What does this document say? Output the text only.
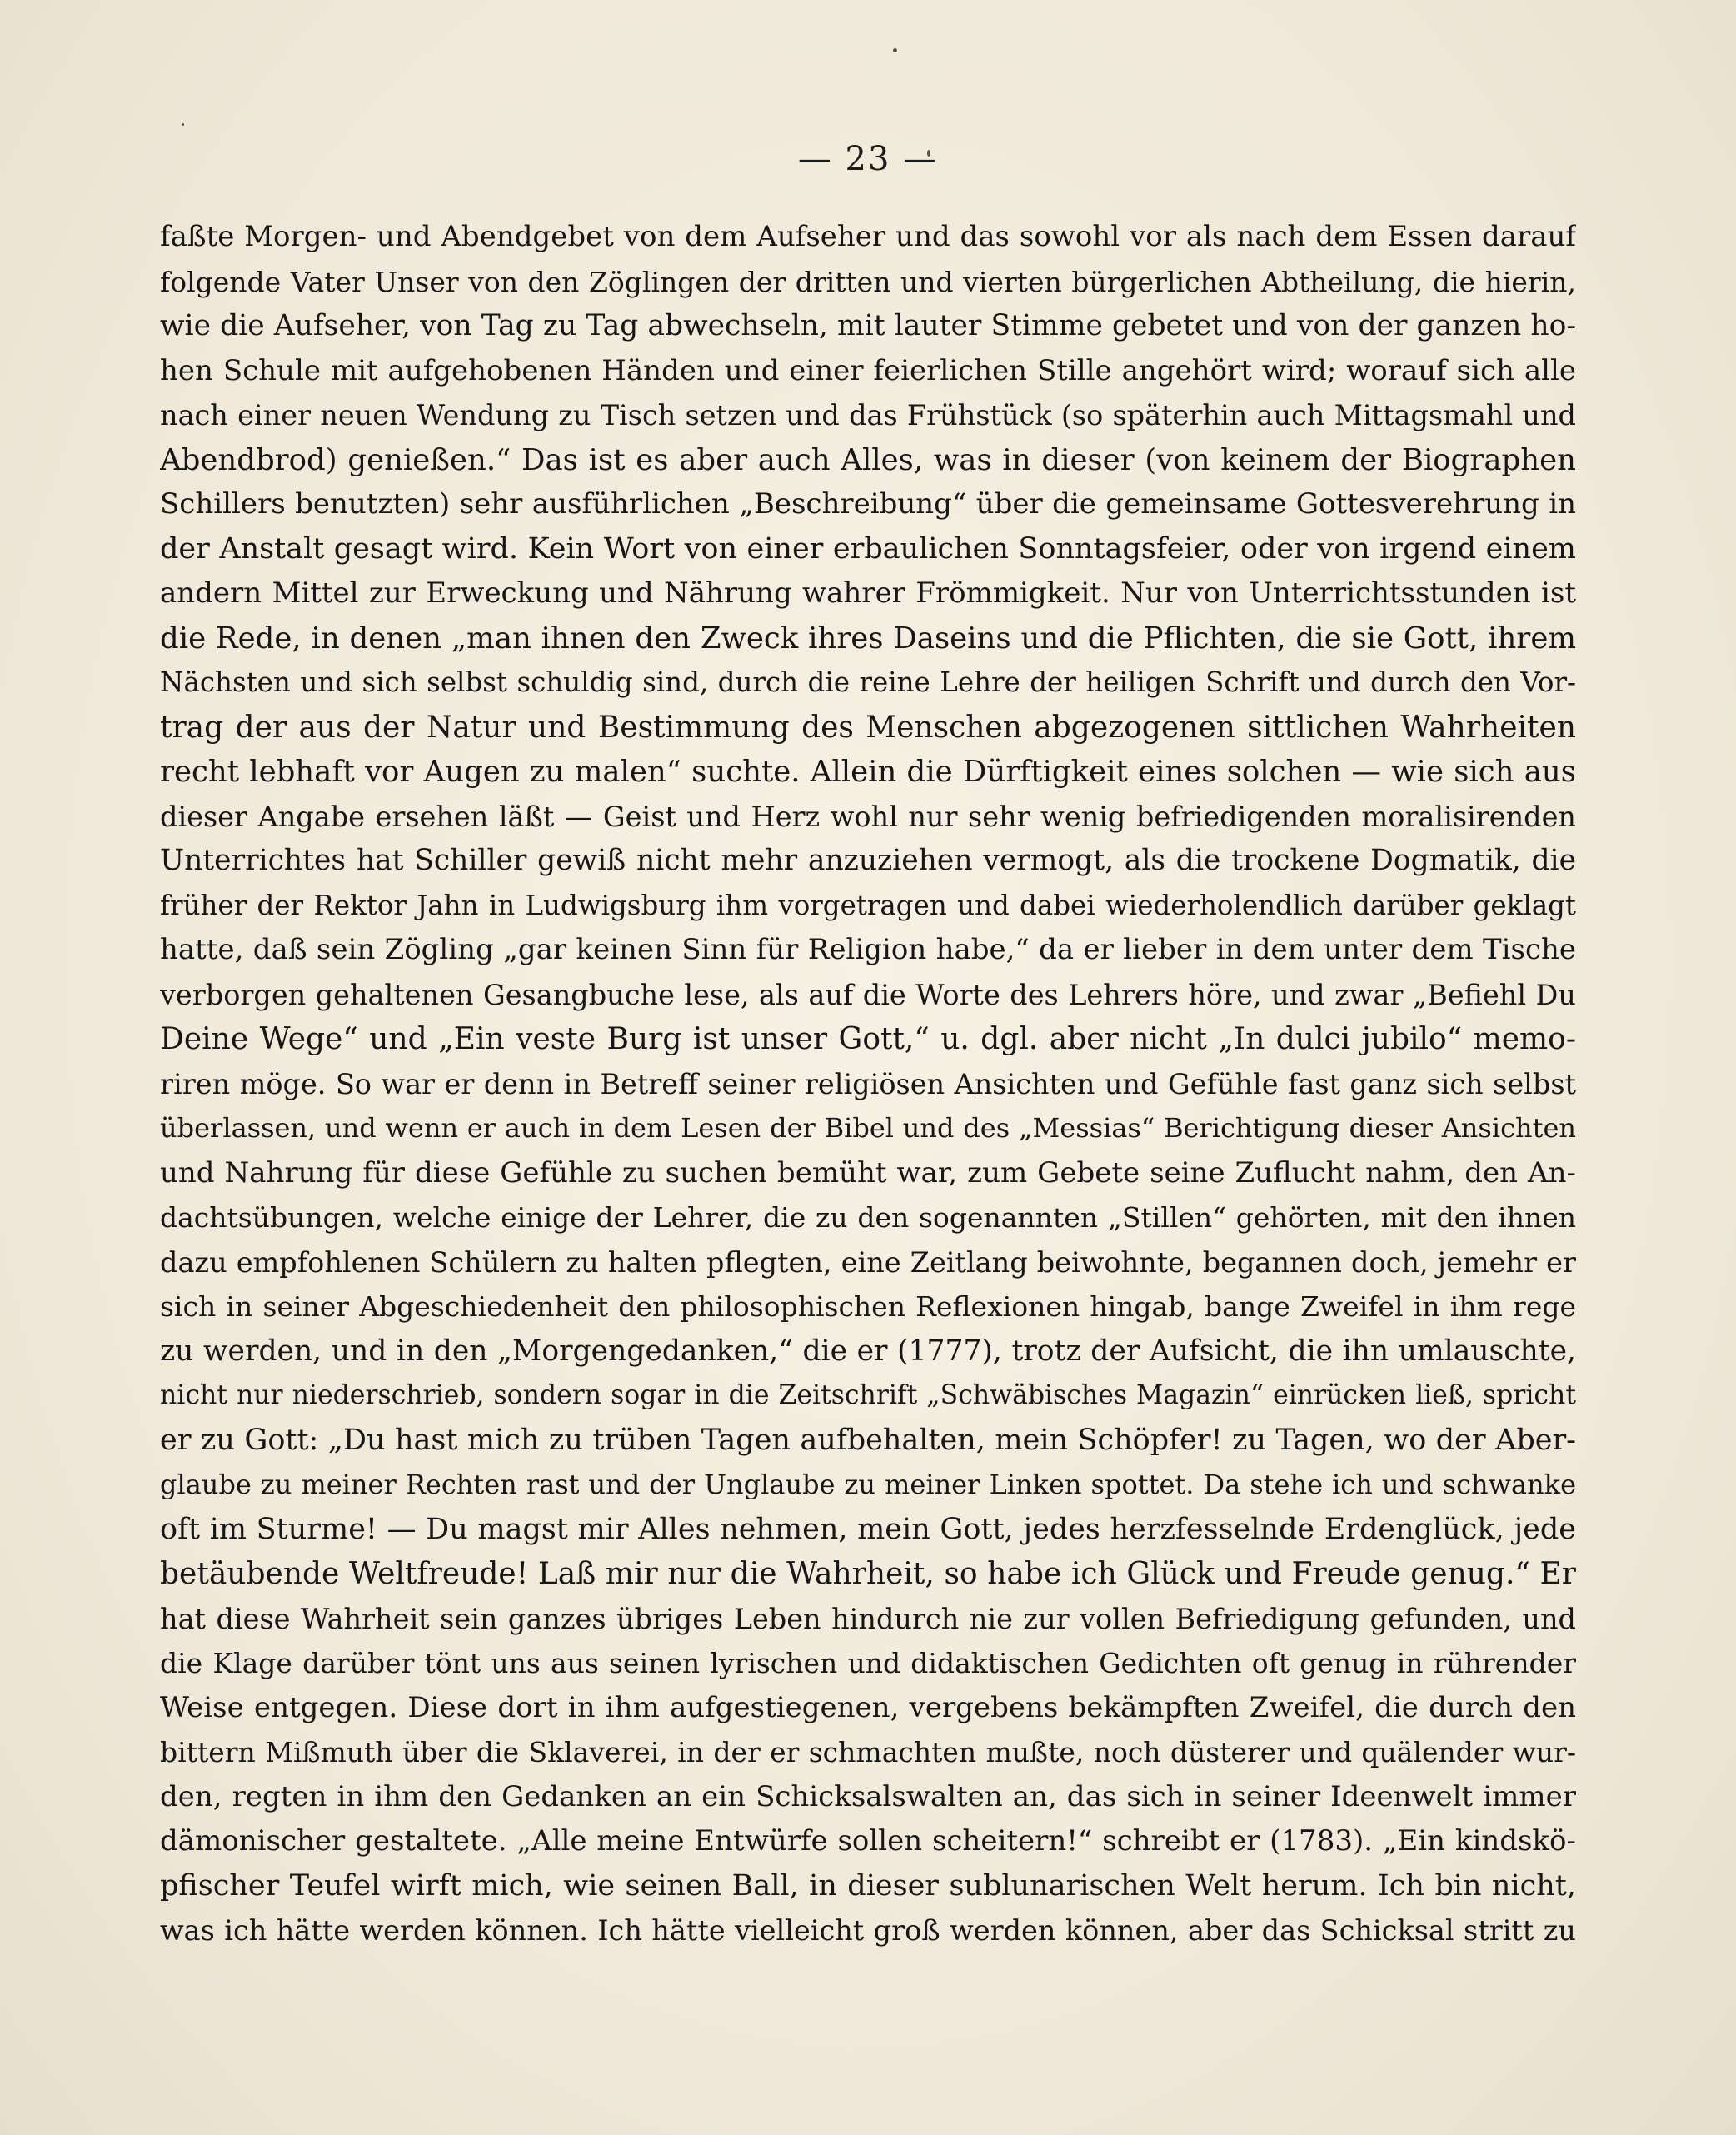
— 23 —
faßte Morgen- und Abendgebet von dem Aufseher und das sowohl vor als nach dem Essen darauf
folgende Vater Unser von den Zöglingen der dritten und vierten bürgerlichen Abtheilung, die hierin,
wie die Aufseher, von Tag zu Tag abwechseln, mit lauter Stimme gebetet und von der ganzen ho-
hen Schule mit aufgehobenen Händen und einer feierlichen Stille angehört wird; worauf sich alle
nach einer neuen Wendung zu Tisch setzen und das Frühstück (so späterhin auch Mittagsmahl und
Abendbrod) genießen.“ Das ist es aber auch Alles, was in dieser (von keinem der Biographen
Schillers benutzten) sehr ausführlichen „Beschreibung“ über die gemeinsame Gottesverehrung in
der Anstalt gesagt wird. Kein Wort von einer erbaulichen Sonntagsfeier, oder von irgend einem
andern Mittel zur Erweckung und Nährung wahrer Frömmigkeit. Nur von Unterrichtsstunden ist
die Rede, in denen „man ihnen den Zweck ihres Daseins und die Pflichten, die sie Gott, ihrem
Nächsten und sich selbst schuldig sind, durch die reine Lehre der heiligen Schrift und durch den Vor-
trag der aus der Natur und Bestimmung des Menschen abgezogenen sittlichen Wahrheiten
recht lebhaft vor Augen zu malen“ suchte. Allein die Dürftigkeit eines solchen — wie sich aus
dieser Angabe ersehen läßt — Geist und Herz wohl nur sehr wenig befriedigenden moralisirenden
Unterrichtes hat Schiller gewiß nicht mehr anzuziehen vermogt, als die trockene Dogmatik, die
früher der Rektor Jahn in Ludwigsburg ihm vorgetragen und dabei wiederholendlich darüber geklagt
hatte, daß sein Zögling „gar keinen Sinn für Religion habe,“ da er lieber in dem unter dem Tische
verborgen gehaltenen Gesangbuche lese, als auf die Worte des Lehrers höre, und zwar „Befiehl Du
Deine Wege“ und „Ein veste Burg ist unser Gott,“ u. dgl. aber nicht „In dulci jubilo“ memo-
riren möge. So war er denn in Betreff seiner religiösen Ansichten und Gefühle fast ganz sich selbst
überlassen, und wenn er auch in dem Lesen der Bibel und des „Messias“ Berichtigung dieser Ansichten
und Nahrung für diese Gefühle zu suchen bemüht war, zum Gebete seine Zuflucht nahm, den An-
dachtsübungen, welche einige der Lehrer, die zu den sogenannten „Stillen“ gehörten, mit den ihnen
dazu empfohlenen Schülern zu halten pflegten, eine Zeitlang beiwohnte, begannen doch, jemehr er
sich in seiner Abgeschiedenheit den philosophischen Reflexionen hingab, bange Zweifel in ihm rege
zu werden, und in den „Morgengedanken,“ die er (1777), trotz der Aufsicht, die ihn umlauschte,
nicht nur niederschrieb, sondern sogar in die Zeitschrift „Schwäbisches Magazin“ einrücken ließ, spricht
er zu Gott: „Du hast mich zu trüben Tagen aufbehalten, mein Schöpfer! zu Tagen, wo der Aber-
glaube zu meiner Rechten rast und der Unglaube zu meiner Linken spottet. Da stehe ich und schwanke
oft im Sturme! — Du magst mir Alles nehmen, mein Gott, jedes herzfesselnde Erdenglück, jede
betäubende Weltfreude! Laß mir nur die Wahrheit, so habe ich Glück und Freude genug.“ Er
hat diese Wahrheit sein ganzes übriges Leben hindurch nie zur vollen Befriedigung gefunden, und
die Klage darüber tönt uns aus seinen lyrischen und didaktischen Gedichten oft genug in rührender
Weise entgegen. Diese dort in ihm aufgestiegenen, vergebens bekämpften Zweifel, die durch den
bittern Mißmuth über die Sklaverei, in der er schmachten mußte, noch düsterer und quälender wur-
den, regten in ihm den Gedanken an ein Schicksalswalten an, das sich in seiner Ideenwelt immer
dämonischer gestaltete. „Alle meine Entwürfe sollen scheitern!“ schreibt er (1783). „Ein kindskö-
pfischer Teufel wirft mich, wie seinen Ball, in dieser sublunarischen Welt herum. Ich bin nicht,
was ich hätte werden können. Ich hätte vielleicht groß werden können, aber das Schicksal stritt zu
